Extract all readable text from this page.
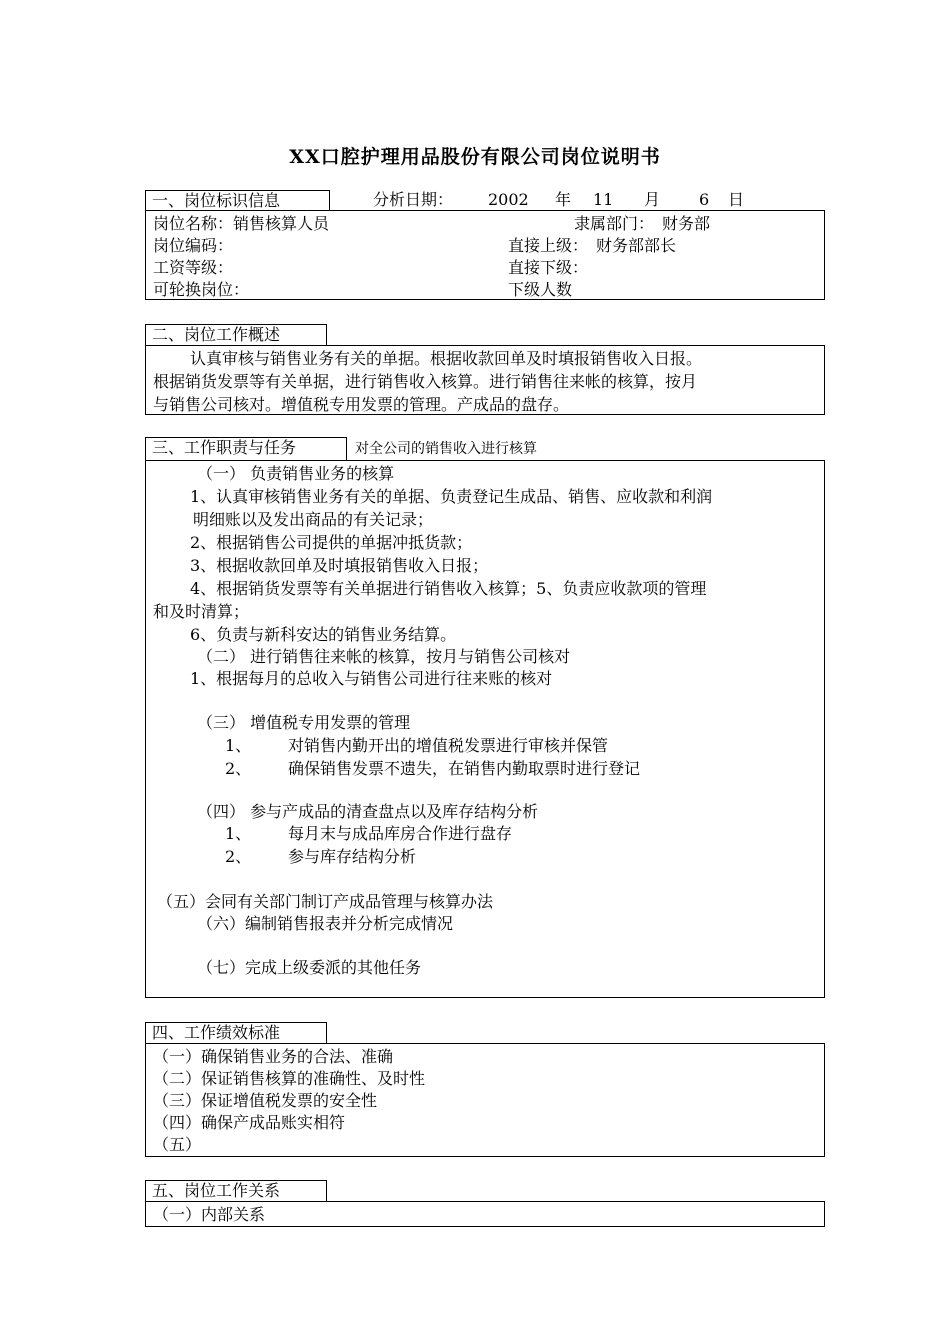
XX口腔护理用品股份有限公司岗位说明书
一、岗位标识信息	分析日期： 2002 年 11 月 6 日
岗位名称：销售核算人员	隶属部门：　财务部
岗位编码：	直接上级：　财务部部长
工资等级：	直接下级：
可轮换岗位：	下级人数
二、岗位工作概述
认真审核与销售业务有关的单据。根据收款回单及时填报销售收入日报。
根据销货发票等有关单据，进行销售收入核算。进行销售往来帐的核算，按月
与销售公司核对。增值税专用发票的管理。产成品的盘存。
三、工作职责与任务	对全公司的销售收入进行核算
（一） 负责销售业务的核算
1、认真审核销售业务有关的单据、负责登记生成品、销售、应收款和利润
明细账以及发出商品的有关记录；
2、根据销售公司提供的单据冲抵货款；
3、根据收款回单及时填报销售收入日报；
4、根据销货发票等有关单据进行销售收入核算；5、负责应收款项的管理
和及时清算；
6、负责与新科安达的销售业务结算。
（二） 进行销售往来帐的核算，按月与销售公司核对
1、根据每月的总收入与销售公司进行往来账的核对
（三） 增值税专用发票的管理
1、 对销售内勤开出的增值税发票进行审核并保管
2、 确保销售发票不遗失，在销售内勤取票时进行登记
（四） 参与产成品的清查盘点以及库存结构分析
1、 每月末与成品库房合作进行盘存
2、 参与库存结构分析
（五）会同有关部门制订产成品管理与核算办法
（六）编制销售报表并分析完成情况
（七）完成上级委派的其他任务
四、工作绩效标准
（一）确保销售业务的合法、准确
（二）保证销售核算的准确性、及时性
（三）保证增值税发票的安全性
（四）确保产成品账实相符
（五）
五、岗位工作关系
（一）内部关系
